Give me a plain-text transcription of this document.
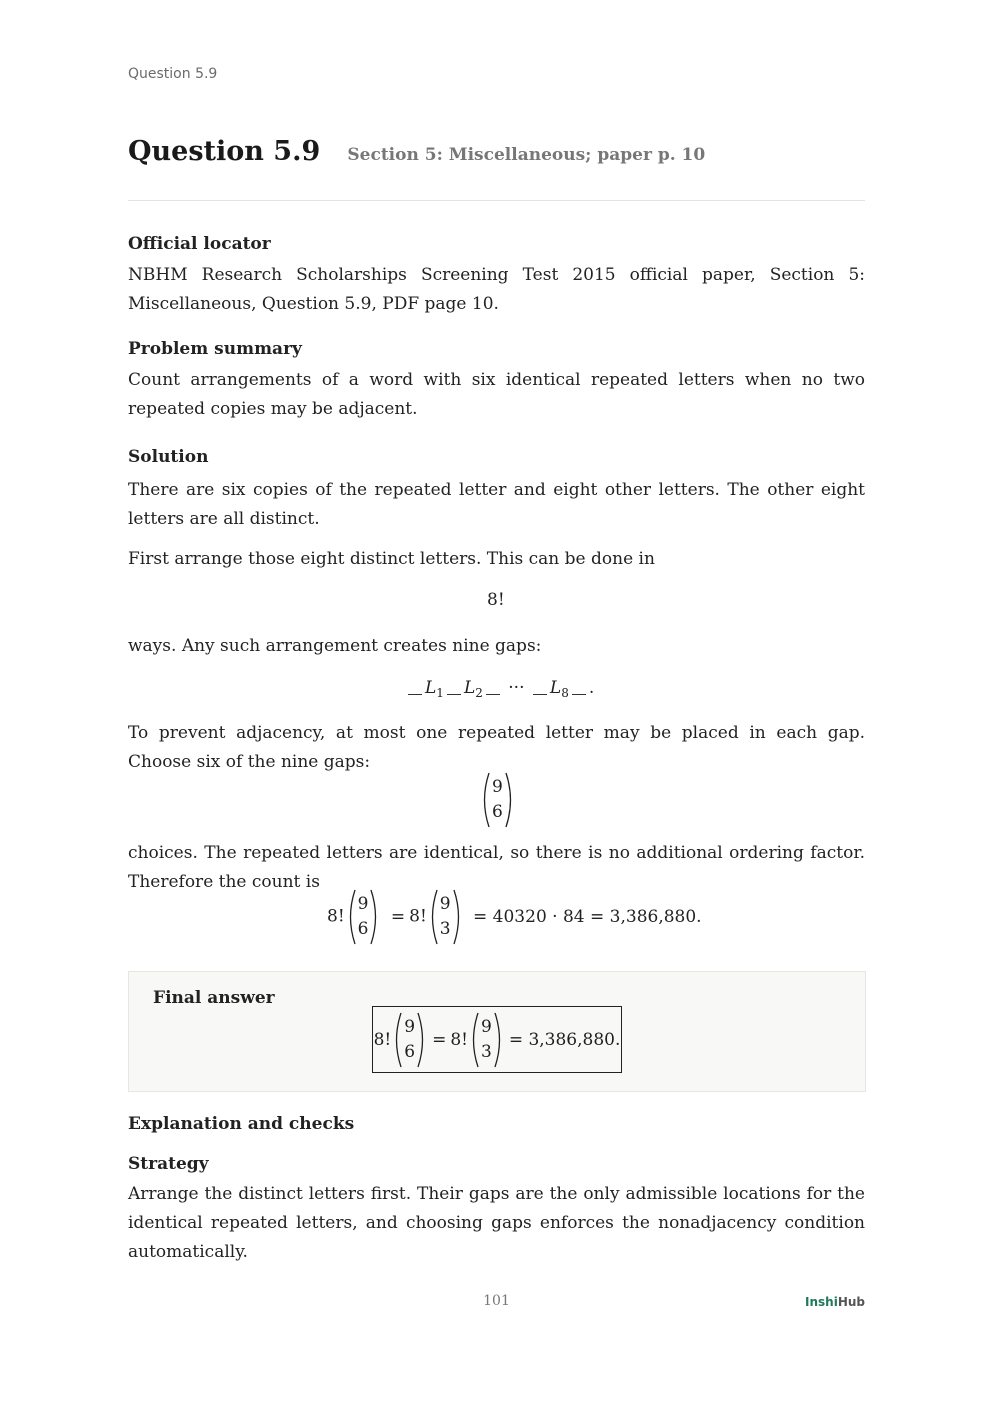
Question 5.9
Question 5.9 Section 5: Miscellaneous; paper p. 10
Official locator
NBHM Research Scholarships Screening Test 2015 official paper, Section 5: Miscellaneous, Question 5.9, PDF page 10.
Problem summary
Count arrangements of a word with six identical repeated letters when no two repeated copies may be adjacent.
Solution
There are six copies of the repeated letter and eight other letters. The other eight letters are all distinct.
First arrange those eight distinct letters. This can be done in
8!
ways. Any such arrangement creates nine gaps:
$L_1$ $L_2$ ··· $L_8$ .
To prevent adjacency, at most one repeated letter may be placed in each gap. Choose six of the nine gaps:
9
6
choices. The repeated letters are identical, so there is no additional ordering factor. Therefore the count is
8!
9
6
= 8!
9
3
= 40320 · 84 = 3,386,880.
Final answer
8!
9
6
= 8!
9
3
= 3,386,880.
Explanation and checks
Strategy
Arrange the distinct letters first. Their gaps are the only admissible locations for the identical repeated letters, and choosing gaps enforces the nonadjacency condition automatically.
101	InshiHub
